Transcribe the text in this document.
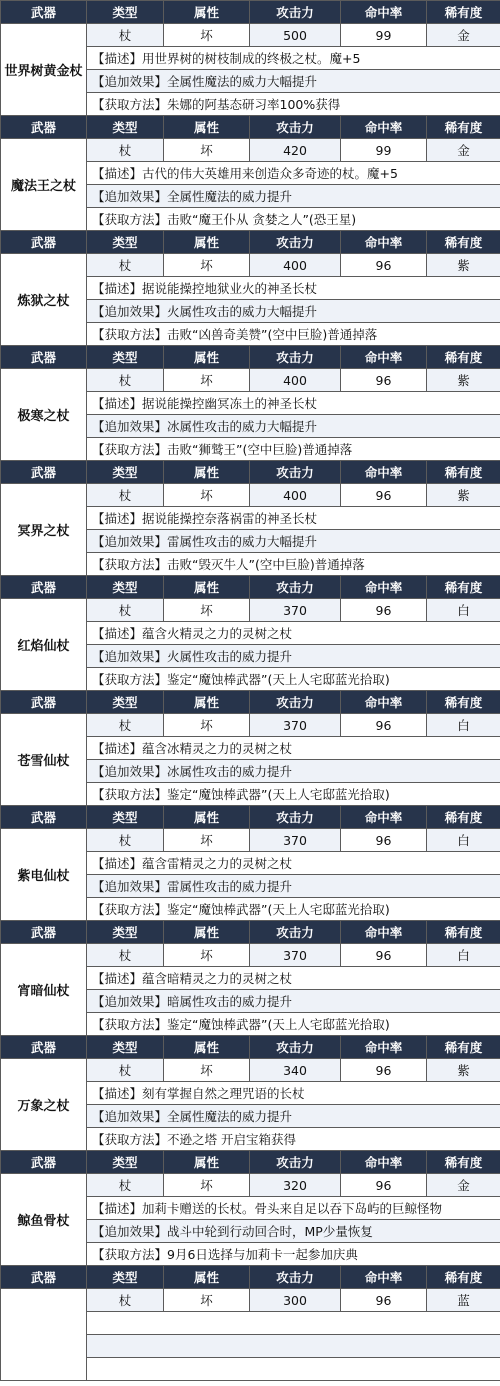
武器	类型	属性	攻击力	命中率	稀有度
世界树黄金杖	杖	坏	500	99	金
	【描述】用世界树的树枝制成的终极之杖。魔+5				
	【追加效果】全属性魔法的威力大幅提升				
	【获取方法】朱娜的阿基态研习率100%获得				
武器	类型	属性	攻击力	命中率	稀有度
魔法王之杖	杖	坏	420	99	金
	【描述】古代的伟大英雄用来创造众多奇迹的杖。魔+5				
	【追加效果】全属性魔法的威力提升				
	【获取方法】击败“魔王仆从 贪婪之人”(恐王星)				
武器	类型	属性	攻击力	命中率	稀有度
炼狱之杖	杖	坏	400	96	紫
	【描述】据说能操控地狱业火的神圣长杖				
	【追加效果】火属性攻击的威力大幅提升				
	【获取方法】击败“凶兽奇美赞”(空中巨脸)普通掉落				
武器	类型	属性	攻击力	命中率	稀有度
极寒之杖	杖	坏	400	96	紫
	【描述】据说能操控幽冥冻土的神圣长杖				
	【追加效果】冰属性攻击的威力大幅提升				
	【获取方法】击败“狮鹫王”(空中巨脸)普通掉落				
武器	类型	属性	攻击力	命中率	稀有度
冥界之杖	杖	坏	400	96	紫
	【描述】据说能操控奈落祸雷的神圣长杖				
	【追加效果】雷属性攻击的威力大幅提升				
	【获取方法】击败“毁灭牛人”(空中巨脸)普通掉落				
武器	类型	属性	攻击力	命中率	稀有度
红焰仙杖	杖	坏	370	96	白
	【描述】蕴含火精灵之力的灵树之杖				
	【追加效果】火属性攻击的威力提升				
	【获取方法】鉴定“魔蚀棒武器”(天上人宅邸蓝光拾取)				
武器	类型	属性	攻击力	命中率	稀有度
苍雪仙杖	杖	坏	370	96	白
	【描述】蕴含冰精灵之力的灵树之杖				
	【追加效果】冰属性攻击的威力提升				
	【获取方法】鉴定“魔蚀棒武器”(天上人宅邸蓝光拾取)				
武器	类型	属性	攻击力	命中率	稀有度
紫电仙杖	杖	坏	370	96	白
	【描述】蕴含雷精灵之力的灵树之杖				
	【追加效果】雷属性攻击的威力提升				
	【获取方法】鉴定“魔蚀棒武器”(天上人宅邸蓝光拾取)				
武器	类型	属性	攻击力	命中率	稀有度
宵暗仙杖	杖	坏	370	96	白
	【描述】蕴含暗精灵之力的灵树之杖				
	【追加效果】暗属性攻击的威力提升				
	【获取方法】鉴定“魔蚀棒武器”(天上人宅邸蓝光拾取)				
武器	类型	属性	攻击力	命中率	稀有度
万象之杖	杖	坏	340	96	紫
	【描述】刻有掌握自然之理咒语的长杖				
	【追加效果】全属性魔法的威力提升				
	【获取方法】不逊之塔 开启宝箱获得				
武器	类型	属性	攻击力	命中率	稀有度
鲸鱼骨杖	杖	坏	320	96	金
	【描述】加莉卡赠送的长杖。骨头来自足以吞下岛屿的巨鲸怪物				
	【追加效果】战斗中轮到行动回合时，MP少量恢复				
	【获取方法】9月6日选择与加莉卡一起参加庆典				
武器	类型	属性	攻击力	命中率	稀有度
	杖	坏	300	96	蓝
